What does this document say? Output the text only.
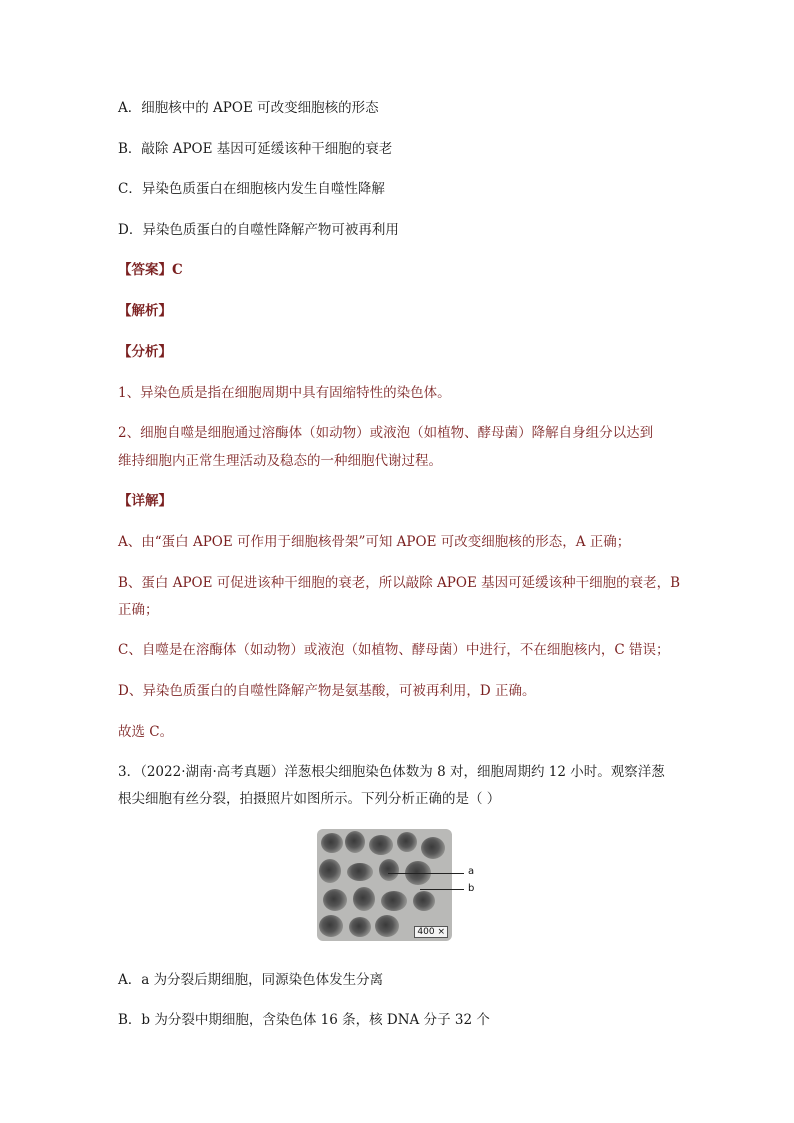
A．细胞核中的 APOE 可改变细胞核的形态
B．敲除 APOE 基因可延缓该种干细胞的衰老
C．异染色质蛋白在细胞核内发生自噬性降解
D．异染色质蛋白的自噬性降解产物可被再利用
【答案】C
【解析】
【分析】
1、异染色质是指在细胞周期中具有固缩特性的染色体。
2、细胞自噬是细胞通过溶酶体（如动物）或液泡（如植物、酵母菌）降解自身组分以达到
维持细胞内正常生理活动及稳态的一种细胞代谢过程。
【详解】
A、由“蛋白 APOE 可作用于细胞核骨架”可知 APOE 可改变细胞核的形态，A 正确；
B、蛋白 APOE 可促进该种干细胞的衰老，所以敲除 APOE 基因可延缓该种干细胞的衰老，B
正确；
C、自噬是在溶酶体（如动物）或液泡（如植物、酵母菌）中进行，不在细胞核内，C 错误；
D、异染色质蛋白的自噬性降解产物是氨基酸，可被再利用，D 正确。
故选 C。
3．（2022·湖南·高考真题）洋葱根尖细胞染色体数为 8 对，细胞周期约 12 小时。观察洋葱
根尖细胞有丝分裂，拍摄照片如图所示。下列分析正确的是（ ）
400 ×
a
b
A．a 为分裂后期细胞，同源染色体发生分离
B．b 为分裂中期细胞，含染色体 16 条，核 DNA 分子 32 个
